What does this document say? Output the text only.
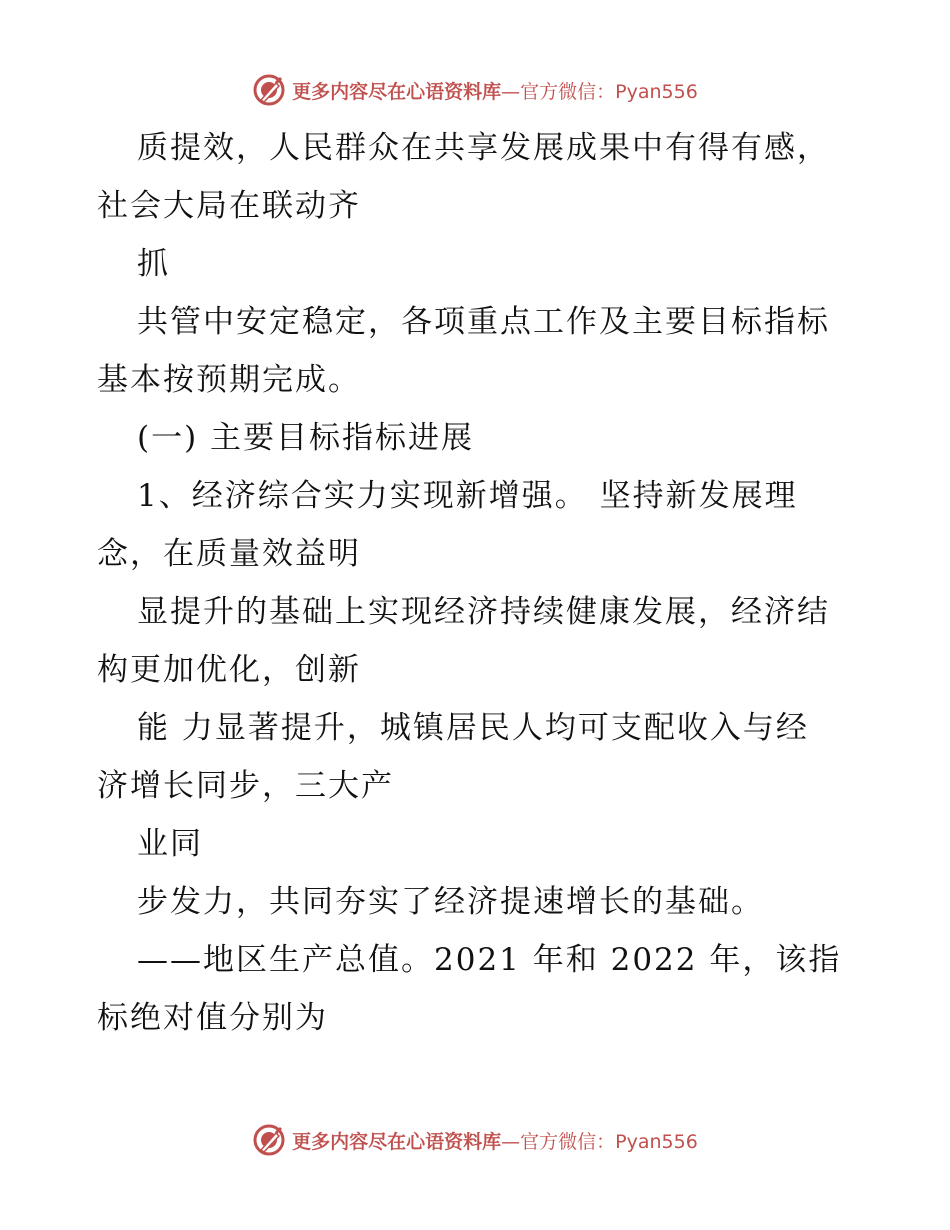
更多内容尽在心语资料库—官方微信：Pyan556
质提效，人民群众在共享发展成果中有得有感，
社会大局在联动齐
抓
共管中安定稳定，各项重点工作及主要目标指标
基本按预期完成。
(一) 主要目标指标进展
1、经济综合实力实现新增强。 坚持新发展理
念，在质量效益明
显提升的基础上实现经济持续健康发展，经济结
构更加优化，创新
能 力显著提升，城镇居民人均可支配收入与经
济增长同步，三大产
业同
步发力，共同夯实了经济提速增长的基础。
——地区生产总值。2021 年和 2022 年，该指
标绝对值分别为
更多内容尽在心语资料库—官方微信：Pyan556
